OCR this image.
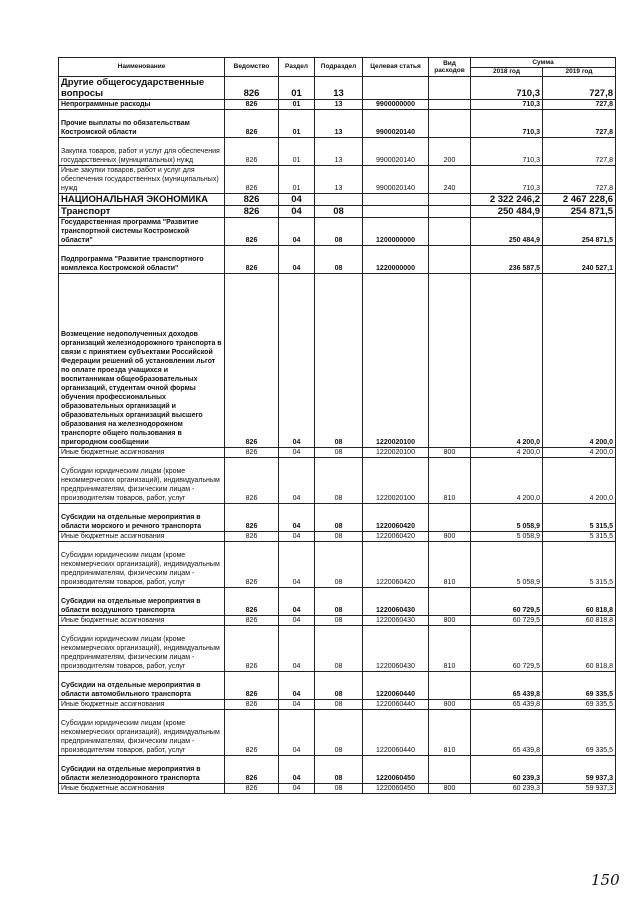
Наименование	Ведомство	Раздел	Подраздел	Целевая статья	Вид расходов	Сумма	
						2018 год	2019 год
Другие общегосударственные вопросы	826	01	13			710,3	727,8
Непрограммные расходы	826	01	13	9900000000		710,3	727,8
Прочие выплаты по обязательствам Костромской области	826	01	13	9900020140		710,3	727,8
Закупка товаров, работ и услуг для обеспечения государственных (муниципальных) нужд	826	01	13	9900020140	200	710,3	727,8
Иные закупки товаров, работ и услуг для обеспечения государственных (муниципальных) нужд	826	01	13	9900020140	240	710,3	727,8
НАЦИОНАЛЬНАЯ ЭКОНОМИКА	826	04				2 322 246,2	2 467 228,6
Транспорт	826	04	08			250 484,9	254 871,5
Государственная программа "Развитие транспортной системы Костромской области"	826	04	08	1200000000		250 484,9	254 871,5
Подпрограмма "Развитие транспортного комплекса Костромской области"	826	04	08	1220000000		236 587,5	240 527,1
Возмещение недополученных доходов организаций железнодорожного транспорта в связи с принятием субъектами Российской Федерации решений об установлении льгот по оплате проезда учащихся и воспитанникам общеобразовательных организаций, студентам очной формы обучения профессиональных образовательных организаций и образовательных организаций высшего образования на железнодорожном транспорте общего пользования в пригородном сообщении	826	04	08	1220020100		4 200,0	4 200,0
Иные бюджетные ассигнования	826	04	08	1220020100	800	4 200,0	4 200,0
Субсидии юридическим лицам (кроме некоммерческих организаций), индивидуальным предпринимателям, физическим лицам - производителям товаров, работ, услуг	826	04	08	1220020100	810	4 200,0	4 200,0
Субсидии на отдельные мероприятия в области морского и речного транспорта	826	04	08	1220060420		5 058,9	5 315,5
Иные бюджетные ассигнования	826	04	08	1220060420	800	5 058,9	5 315,5
Субсидии юридическим лицам (кроме некоммерческих организаций), индивидуальным предпринимателям, физическим лицам - производителям товаров, работ, услуг	826	04	08	1220060420	810	5 058,9	5 315,5
Субсидии на отдельные мероприятия в области воздушного транспорта	826	04	08	1220060430		60 729,5	60 818,8
Иные бюджетные ассигнования	826	04	08	1220060430	800	60 729,5	60 818,8
Субсидии юридическим лицам (кроме некоммерческих организаций), индивидуальным предпринимателям, физическим лицам - производителям товаров, работ, услуг	826	04	08	1220060430	810	60 729,5	60 818,8
Субсидии на отдельные мероприятия в области автомобильного транспорта	826	04	08	1220060440		65 439,8	69 335,5
Иные бюджетные ассигнования	826	04	08	1220060440	800	65 439,8	69 335,5
Субсидии юридическим лицам (кроме некоммерческих организаций), индивидуальным предпринимателям, физическим лицам - производителям товаров, работ, услуг	826	04	08	1220060440	810	65 439,8	69 335,5
Субсидии на отдельные мероприятия в области железнодорожного транспорта	826	04	08	1220060450		60 239,3	59 937,3
Иные бюджетные ассигнования	826	04	08	1220060450	800	60 239,3	59 937,3
150
